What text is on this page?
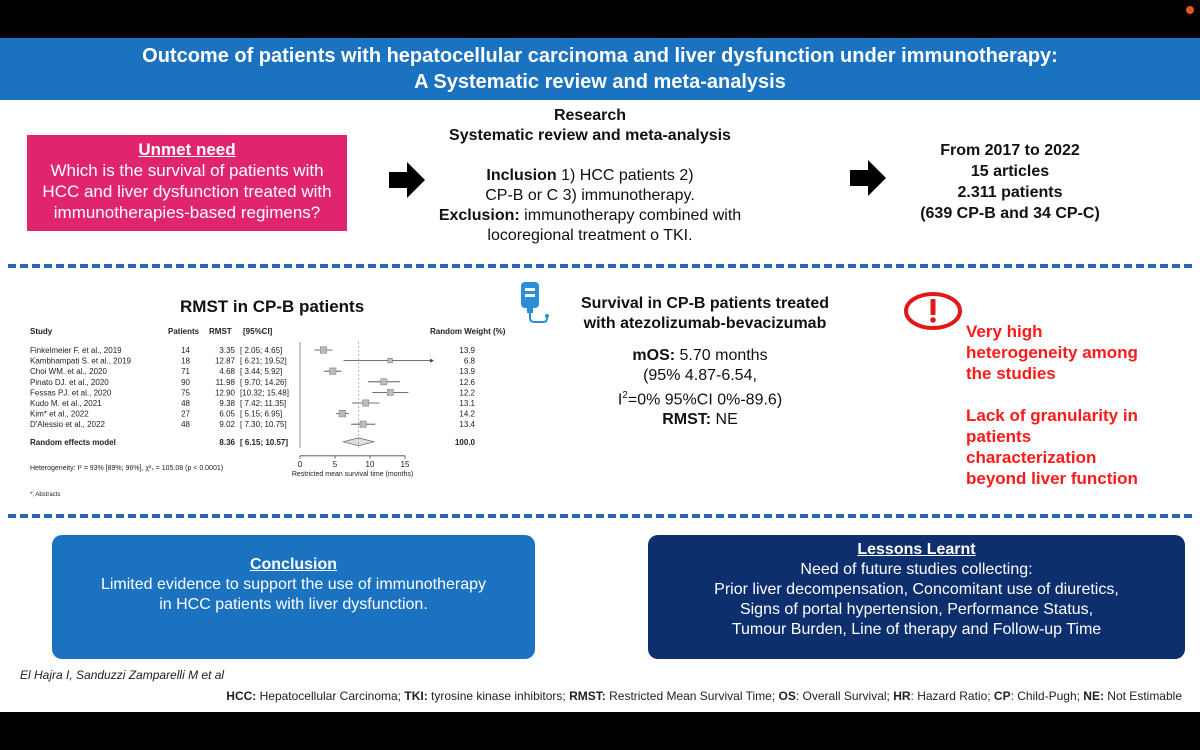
Outcome of patients with hepatocellular carcinoma and liver dysfunction under immunotherapy:
A Systematic review and meta-analysis
Unmet need
Which is the survival of patients with
HCC and liver dysfunction treated with
immunotherapies-based regimens?
Research
Systematic review and meta-analysis
Inclusion 1) HCC patients 2)
CP-B or C 3) immunotherapy.
Exclusion: immunotherapy combined with
locoregional treatment o TKI.
From 2017 to 2022
15 articles
2.311 patients
(639 CP-B and 34 CP-C)
RMST in CP-B patients
Study	Patients RMST [95%CI]	Random Weight (%)
Finkelmeier F. et al., 2019	14	3.35 [ 2.05; 4.65]	13.9
Kambhampati S. et al., 2019	18	12.87 [ 6.21; 19.52]	6.8
Choi WM. et al., 2020	71	4.68 [ 3.44; 5.92]	13.9
Pinato DJ. et al., 2020	90	11.98 [ 9.70; 14.26]	12.6
Fessas PJ. et al., 2020	75	12.90 [10.32; 15.48]	12.2
Kudo M. et al., 2021	48	9.38 [ 7.42; 11.35]	13.1
Kim* et al., 2022	27	6.05 [ 5.15; 6.95]	14.2
D'Alessio et al., 2022	48	9.02 [ 7.30; 10.75]	13.4
Random effects model	8.36 [ 6.15; 10.57]	100.0
0	5	10	15
Restricted mean survival time (months)
Heterogeneity: I² = 93% [89%; 96%], χ²₇ = 105.08 (p < 0.0001)
*; Abstracts
Survival in CP-B patients treated
with atezolizumab-bevacizumab
mOS: 5.70 months
(95% 4.87-6.54,
$I^2=0\%$ 95%CI 0%-89.6)
RMST: NE
Very high
heterogeneity among
the studies
Lack of granularity in
patients
characterization
beyond liver function
Conclusion
Limited evidence to support the use of immunotherapy
in HCC patients with liver dysfunction.
Lessons Learnt
Need of future studies collecting:
Prior liver decompensation, Concomitant use of diuretics,
Signs of portal hypertension, Performance Status,
Tumour Burden, Line of therapy and Follow-up Time
El Hajra I, Sanduzzi Zamparelli M et al
HCC: Hepatocellular Carcinoma; TKI: tyrosine kinase inhibitors; RMST: Restricted Mean Survival Time; OS: Overall Survival; HR: Hazard Ratio; CP: Child-Pugh; NE: Not Estimable
